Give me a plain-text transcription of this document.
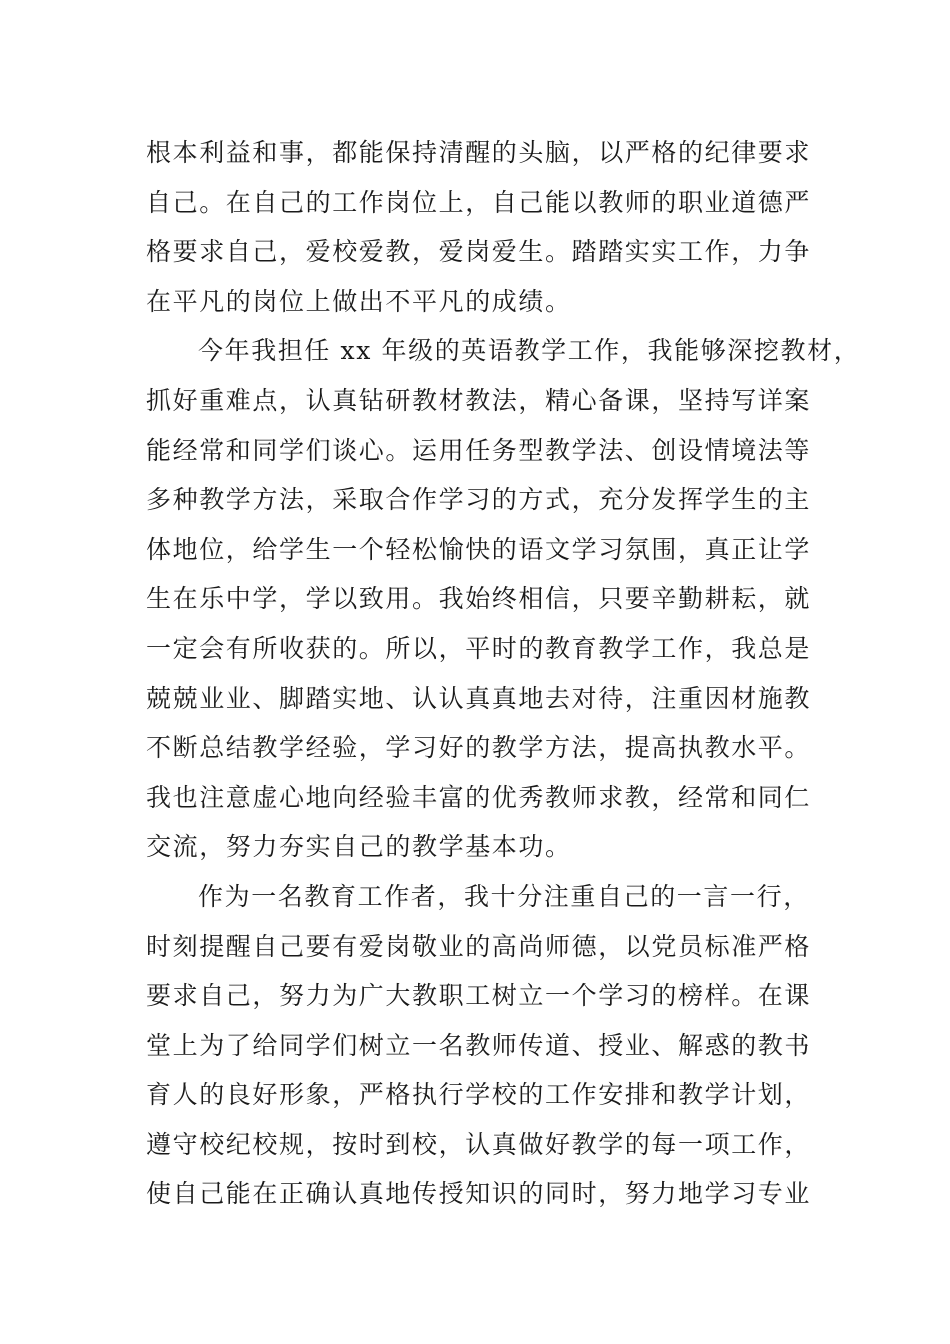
根本利益和事，都能保持清醒的头脑，以严格的纪律要求
自己。在自己的工作岗位上，自己能以教师的职业道德严
格要求自己，爱校爱教，爱岗爱生。踏踏实实工作，力争
在平凡的岗位上做出不平凡的成绩。
今年我担任 xx 年级的英语教学工作，我能够深挖教材，
抓好重难点，认真钻研教材教法，精心备课，坚持写详案
能经常和同学们谈心。运用任务型教学法、创设情境法等
多种教学方法，采取合作学习的方式，充分发挥学生的主
体地位，给学生一个轻松愉快的语文学习氛围，真正让学
生在乐中学，学以致用。我始终相信，只要辛勤耕耘，就
一定会有所收获的。所以，平时的教育教学工作，我总是
兢兢业业、脚踏实地、认认真真地去对待，注重因材施教
不断总结教学经验，学习好的教学方法，提高执教水平。
我也注意虚心地向经验丰富的优秀教师求教，经常和同仁
交流，努力夯实自己的教学基本功。
作为一名教育工作者，我十分注重自己的一言一行，
时刻提醒自己要有爱岗敬业的高尚师德，以党员标准严格
要求自己，努力为广大教职工树立一个学习的榜样。在课
堂上为了给同学们树立一名教师传道、授业、解惑的教书
育人的良好形象，严格执行学校的工作安排和教学计划，
遵守校纪校规，按时到校，认真做好教学的每一项工作，
使自己能在正确认真地传授知识的同时，努力地学习专业
